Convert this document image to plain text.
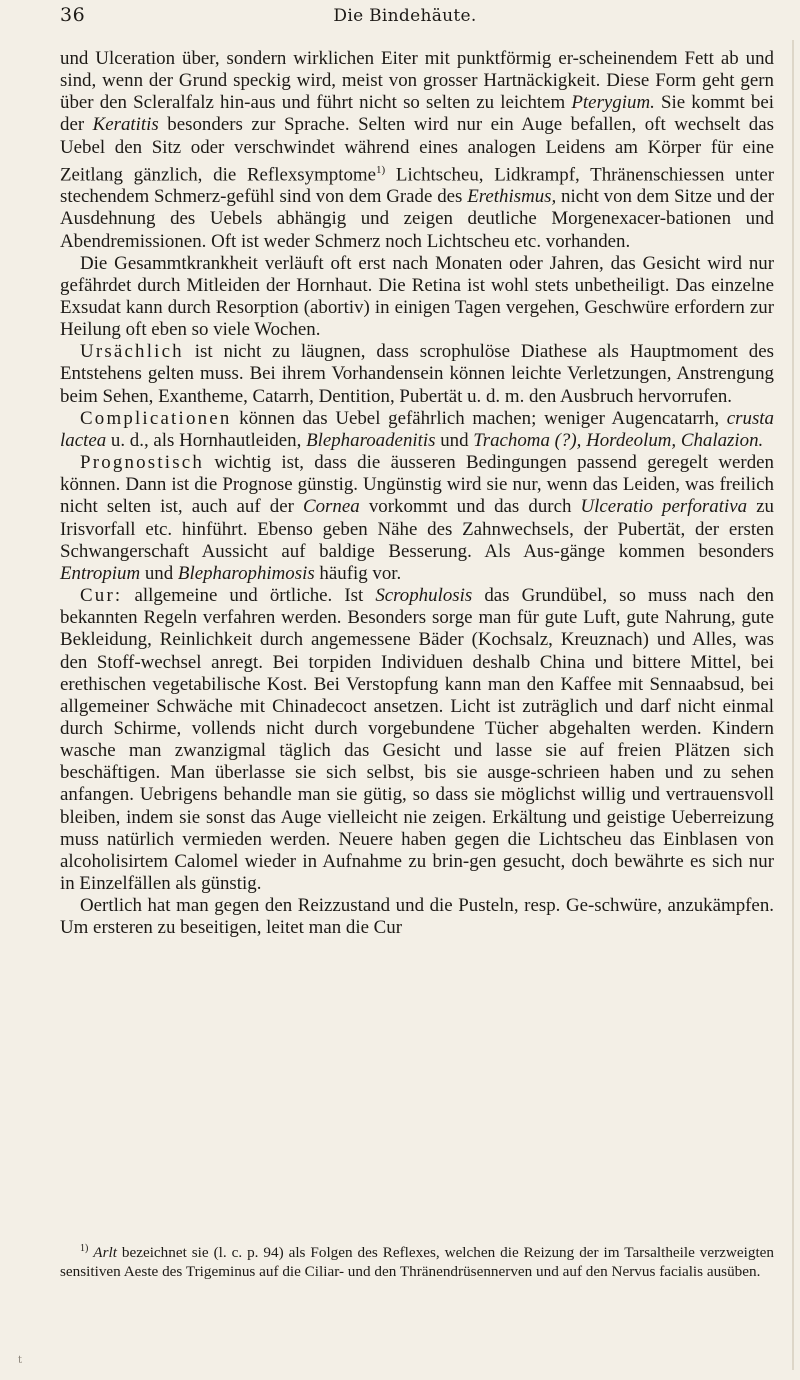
36	Die Bindehäute.

und Ulceration über, sondern wirklichen Eiter mit punktförmig er-scheinendem Fett ab und sind, wenn der Grund speckig wird, meist von grosser Hartnäckigkeit. Diese Form geht gern über den Scleralfalz hin-aus und führt nicht so selten zu leichtem Pterygium. Sie kommt bei der Keratitis besonders zur Sprache. Selten wird nur ein Auge befallen, oft wechselt das Uebel den Sitz oder verschwindet während eines analogen Leidens am Körper für eine Zeitlang gänzlich, die Reflexsymptome$^{1)}$ Lichtscheu, Lidkrampf, Thränenschiessen unter stechendem Schmerz-gefühl sind von dem Grade des Erethismus, nicht von dem Sitze und der Ausdehnung des Uebels abhängig und zeigen deutliche Morgenexacer-bationen und Abendremissionen. Oft ist weder Schmerz noch Lichtscheu etc. vorhanden.

Die Gesammtkrankheit verläuft oft erst nach Monaten oder Jahren, das Gesicht wird nur gefährdet durch Mitleiden der Hornhaut. Die Retina ist wohl stets unbetheiligt. Das einzelne Exsudat kann durch Resorption (abortiv) in einigen Tagen vergehen, Geschwüre erfordern zur Heilung oft eben so viele Wochen.

Ursächlich ist nicht zu läugnen, dass scrophulöse Diathese als Hauptmoment des Entstehens gelten muss. Bei ihrem Vorhandensein können leichte Verletzungen, Anstrengung beim Sehen, Exantheme, Catarrh, Dentition, Pubertät u. d. m. den Ausbruch hervorrufen.

Complicationen können das Uebel gefährlich machen; weniger Augencatarrh, crusta lactea u. d., als Hornhautleiden, Blepharoadenitis und Trachoma (?), Hordeolum, Chalazion.

Prognostisch wichtig ist, dass die äusseren Bedingungen passend geregelt werden können. Dann ist die Prognose günstig. Ungünstig wird sie nur, wenn das Leiden, was freilich nicht selten ist, auch auf der Cornea vorkommt und das durch Ulceratio perforativa zu Irisvorfall etc. hinführt. Ebenso geben Nähe des Zahnwechsels, der Pubertät, der ersten Schwangerschaft Aussicht auf baldige Besserung. Als Aus-gänge kommen besonders Entropium und Blepharophimosis häufig vor.

Cur: allgemeine und örtliche. Ist Scrophulosis das Grundübel, so muss nach den bekannten Regeln verfahren werden. Besonders sorge man für gute Luft, gute Nahrung, gute Bekleidung, Reinlichkeit durch angemessene Bäder (Kochsalz, Kreuznach) und Alles, was den Stoff-wechsel anregt. Bei torpiden Individuen deshalb China und bittere Mittel, bei erethischen vegetabilische Kost. Bei Verstopfung kann man den Kaffee mit Sennaabsud, bei allgemeiner Schwäche mit Chinadecoct ansetzen. Licht ist zuträglich und darf nicht einmal durch Schirme, vollends nicht durch vorgebundene Tücher abgehalten werden. Kindern wasche man zwanzigmal täglich das Gesicht und lasse sie auf freien Plätzen sich beschäftigen. Man überlasse sie sich selbst, bis sie ausge-schrieen haben und zu sehen anfangen. Uebrigens behandle man sie gütig, so dass sie möglichst willig und vertrauensvoll bleiben, indem sie sonst das Auge vielleicht nie zeigen. Erkältung und geistige Ueberreizung muss natürlich vermieden werden. Neuere haben gegen die Lichtscheu das Einblasen von alcoholisirtem Calomel wieder in Aufnahme zu brin-gen gesucht, doch bewährte es sich nur in Einzelfällen als günstig.

Oertlich hat man gegen den Reizzustand und die Pusteln, resp. Ge-schwüre, anzukämpfen. Um ersteren zu beseitigen, leitet man die Cur

$^{1)}$ Arlt bezeichnet sie (l. c. p. 94) als Folgen des Reflexes, welchen die Reizung der im Tarsaltheile verzweigten sensitiven Aeste des Trigeminus auf die Ciliar- und den Thränendrüsennerven und auf den Nervus facialis ausüben.

t
